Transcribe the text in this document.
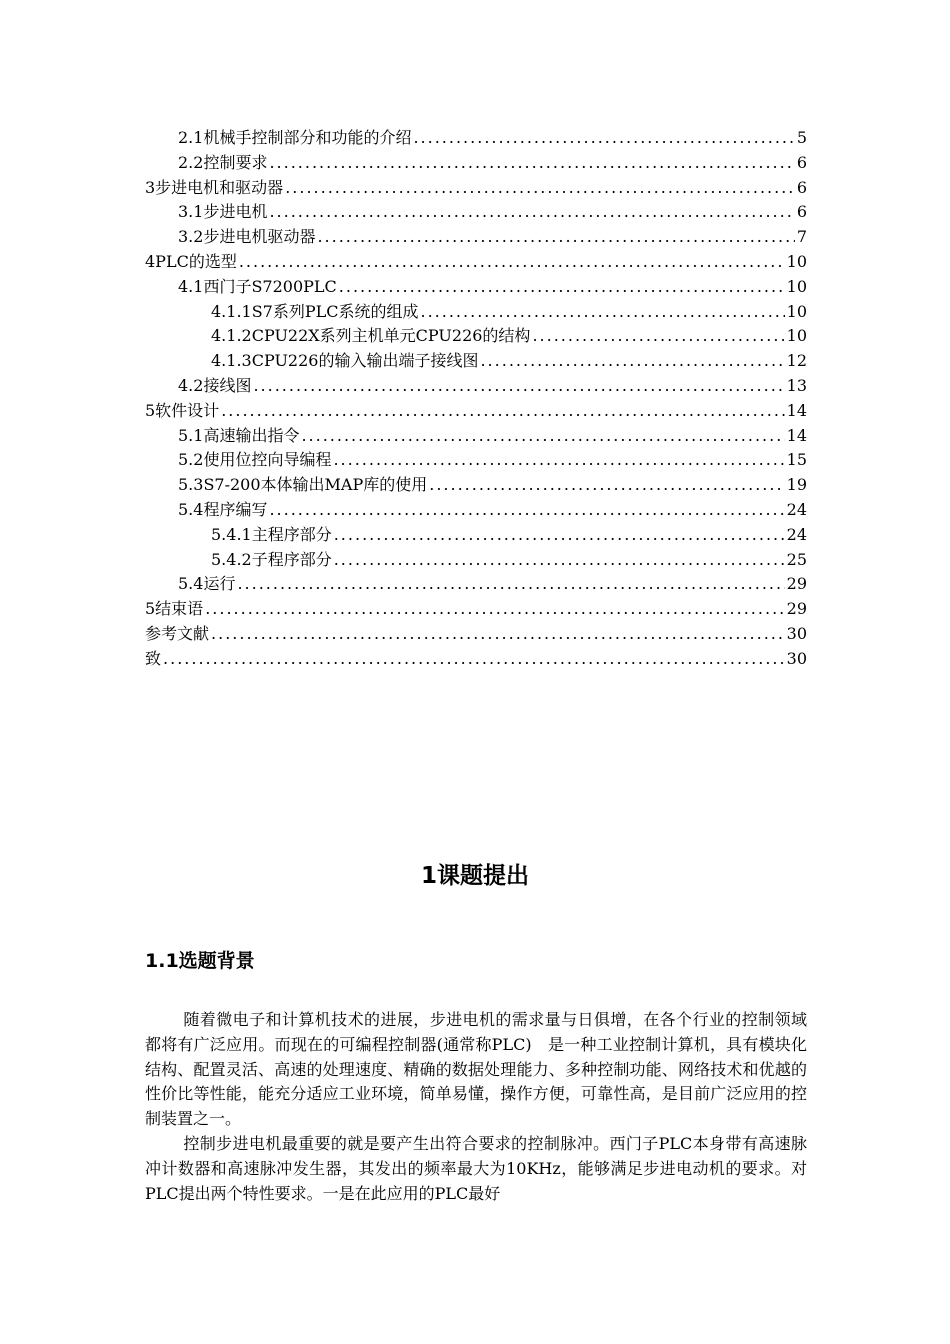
2.1机械手控制部分和功能的介绍 .....	5
2.2控制要求 .....	6
3步进电机和驱动器 .....	6
3.1步进电机 .....	6
3.2步进电机驱动器 .....	7
4PLC的选型 .....	10
4.1西门子S7200PLC .....	10
4.1.1S7系列PLC系统的组成 .....	10
4.1.2CPU22X系列主机单元CPU226的结构 .....	10
4.1.3CPU226的输入输出端子接线图 .....	12
4.2接线图 .....	13
5软件设计 .....	14
5.1高速输出指令 .....	14
5.2使用位控向导编程 .....	15
5.3S7-200本体输出MAP库的使用 .....	19
5.4程序编写 .....	24
5.4.1主程序部分 .....	24
5.4.2子程序部分 .....	25
5.4运行 .....	29
5结束语 .....	29
参考文献 .....	30
致 .....	30
1课题提出
1.1选题背景

随着微电子和计算机技术的进展，步进电机的需求量与日俱增，在各个行业的控制领域都将有广泛应用。而现在的可编程控制器(通常称PLC)　是一种工业控制计算机，具有模块化结构、配置灵活、高速的处理速度、精确的数据处理能力、多种控制功能、网络技术和优越的性价比等性能，能充分适应工业环境，简单易懂，操作方便，可靠性高，是目前广泛应用的控制装置之一。

控制步进电机最重要的就是要产生出符合要求的控制脉冲。西门子PLC本身带有高速脉冲计数器和高速脉冲发生器，其发出的频率最大为10KHz，能够满足步进电动机的要求。对PLC提出两个特性要求。一是在此应用的PLC最好
